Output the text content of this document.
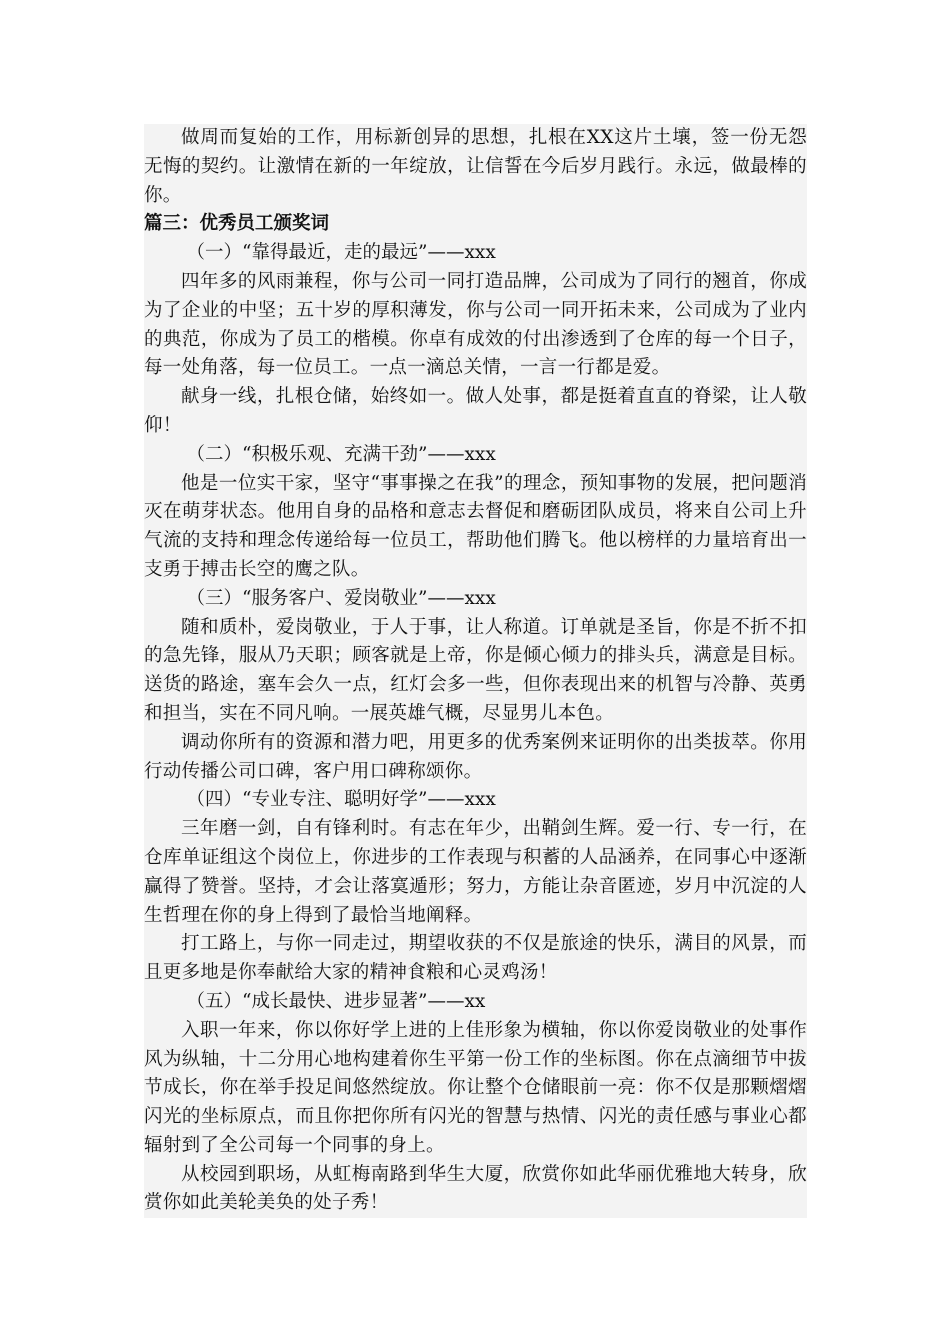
做周而复始的工作，用标新创异的思想，扎根在XX这片土壤，签一份无怨无悔的契约。让激情在新的一年绽放，让信誓在今后岁月践行。永远，做最棒的你。

篇三：优秀员工颁奖词

（一）“靠得最近，走的最远”——xxx

四年多的风雨兼程，你与公司一同打造品牌，公司成为了同行的翘首，你成为了企业的中坚；五十岁的厚积薄发，你与公司一同开拓未来，公司成为了业内的典范，你成为了员工的楷模。你卓有成效的付出渗透到了仓库的每一个日子，每一处角落，每一位员工。一点一滴总关情，一言一行都是爱。

献身一线，扎根仓储，始终如一。做人处事，都是挺着直直的脊梁，让人敬仰！

（二）“积极乐观、充满干劲”——xxx

他是一位实干家，坚守“事事操之在我”的理念，预知事物的发展，把问题消灭在萌芽状态。他用自身的品格和意志去督促和磨砺团队成员，将来自公司上升气流的支持和理念传递给每一位员工，帮助他们腾飞。他以榜样的力量培育出一支勇于搏击长空的鹰之队。

（三）“服务客户、爱岗敬业”——xxx

随和质朴，爱岗敬业，于人于事，让人称道。订单就是圣旨，你是不折不扣的急先锋，服从乃天职；顾客就是上帝，你是倾心倾力的排头兵，满意是目标。送货的路途，塞车会久一点，红灯会多一些，但你表现出来的机智与冷静、英勇和担当，实在不同凡响。一展英雄气概，尽显男儿本色。

调动你所有的资源和潜力吧，用更多的优秀案例来证明你的出类拔萃。你用行动传播公司口碑，客户用口碑称颂你。

（四）“专业专注、聪明好学”——xxx

三年磨一剑，自有锋利时。有志在年少，出鞘剑生辉。爱一行、专一行，在仓库单证组这个岗位上，你进步的工作表现与积蓄的人品涵养，在同事心中逐渐赢得了赞誉。坚持，才会让落寞遁形；努力，方能让杂音匿迹，岁月中沉淀的人生哲理在你的身上得到了最恰当地阐释。

打工路上，与你一同走过，期望收获的不仅是旅途的快乐，满目的风景，而且更多地是你奉献给大家的精神食粮和心灵鸡汤！

（五）“成长最快、进步显著”——xx

入职一年来，你以你好学上进的上佳形象为横轴，你以你爱岗敬业的处事作风为纵轴，十二分用心地构建着你生平第一份工作的坐标图。你在点滴细节中拔节成长，你在举手投足间悠然绽放。你让整个仓储眼前一亮：你不仅是那颗熠熠闪光的坐标原点，而且你把你所有闪光的智慧与热情、闪光的责任感与事业心都辐射到了全公司每一个同事的身上。

从校园到职场，从虹梅南路到华生大厦，欣赏你如此华丽优雅地大转身，欣赏你如此美轮美奂的处子秀！
